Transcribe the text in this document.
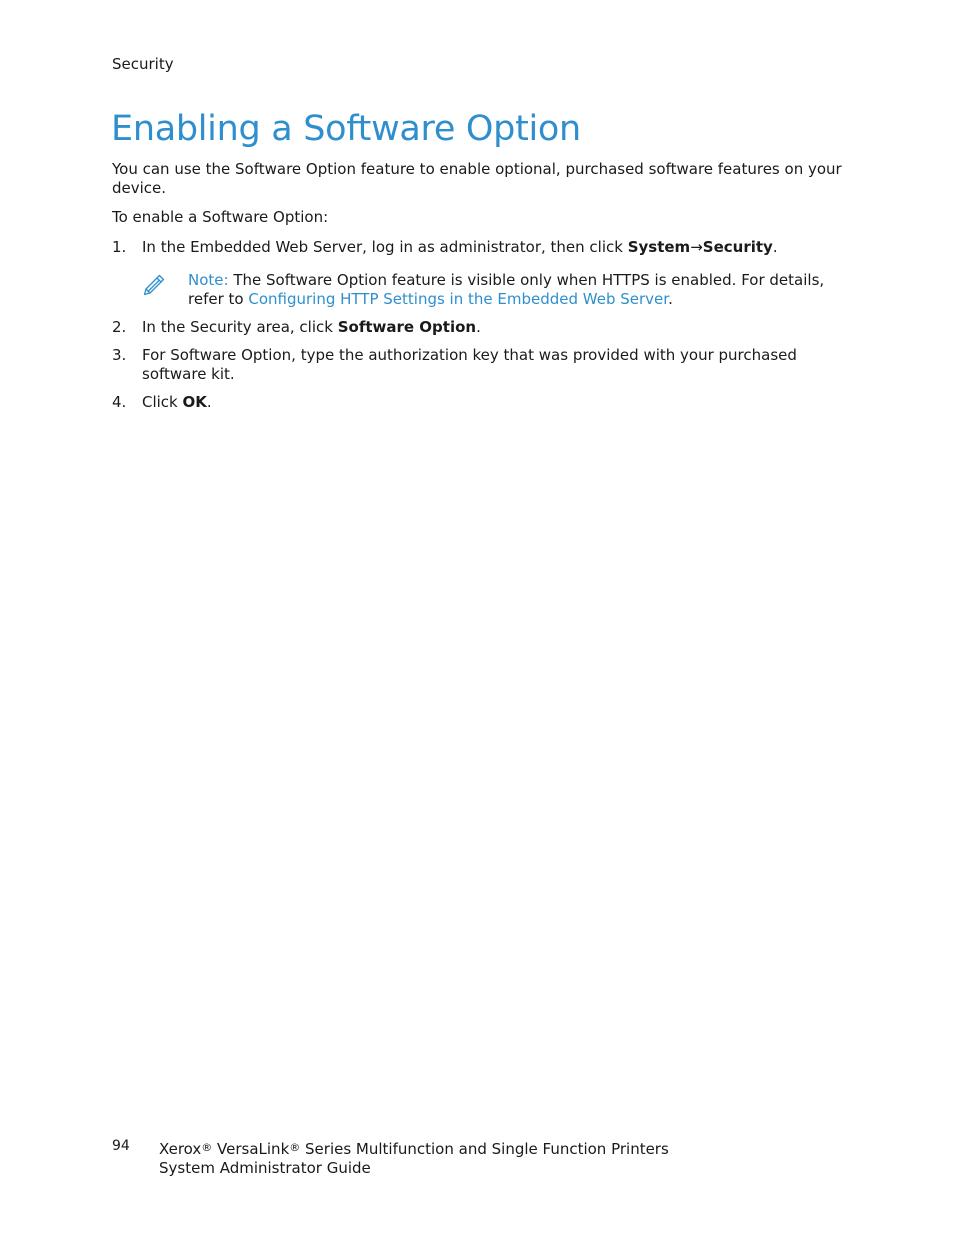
Security
Enabling a Software Option

You can use the Software Option feature to enable optional, purchased software features on your device.

To enable a Software Option:

1. In the Embedded Web Server, log in as administrator, then click System→Security.
Note: The Software Option feature is visible only when HTTPS is enabled. For details, refer to Configuring HTTP Settings in the Embedded Web Server.
2. In the Security area, click Software Option.
3. For Software Option, type the authorization key that was provided with your purchased software kit.
4. Click OK.
94 Xerox® VersaLink® Series Multifunction and Single Function Printers
System Administrator Guide
